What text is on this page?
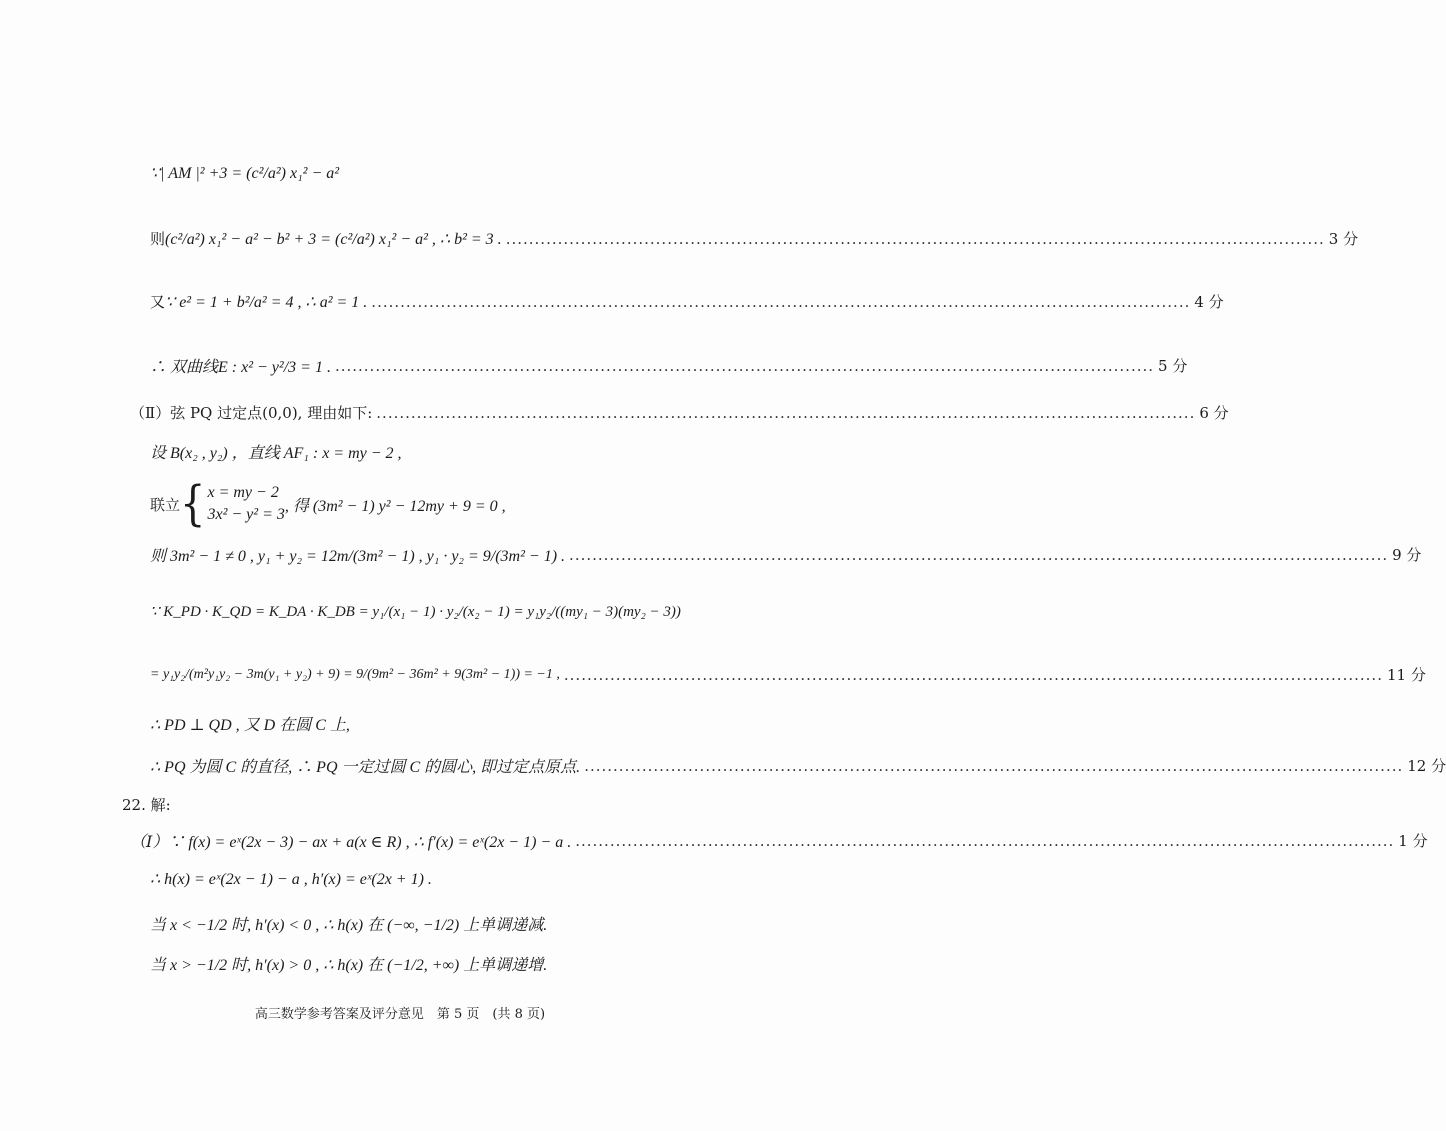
∵| AM |² +3 = (c²/a²) x₁² − a²
则 (c²/a²) x₁² − a² − b² + 3 = (c²/a²) x₁² − a² , ∴ b² = 3 . .............................................................................................................................................. 3 分
又 ∵ e² = 1 + b²/a² = 4 , ∴ a² = 1 . .............................................................................................................................................. 4 分
∴ 双曲线E : x² − y²/3 = 1 . .............................................................................................................................................. 5 分
（Ⅱ）弦 PQ 过定点(0,0), 理由如下: .............................................................................................................................................. 6 分
设 B(x₂ , y₂) ，直线 AF₁ : x = my − 2 ,
联立 { x = my − 2
3x² − y² = 3 , 得 (3m² − 1) y² − 12my + 9 = 0 ,
则 3m² − 1 ≠ 0 , y₁ + y₂ = 12m/(3m² − 1) , y₁ · y₂ = 9/(3m² − 1) . .............................................................................................................................................. 9 分
∵ K_PD · K_QD = K_DA · K_DB = y₁/(x₁ − 1) · y₂/(x₂ − 1) = y₁y₂/((my₁ − 3)(my₂ − 3))
= y₁y₂/(m²y₁y₂ − 3m(y₁ + y₂) + 9) = 9/(9m² − 36m² + 9(3m² − 1)) = −1 , .............................................................................................................................................. 11 分
∴ PD ⊥ QD , 又 D 在圆 C 上,
∴ PQ 为圆 C 的直径, ∴ PQ 一定过圆 C 的圆心, 即过定点原点. .............................................................................................................................................. 12 分
22. 解:
（Ⅰ）∵ f(x) = eˣ(2x − 3) − ax + a(x ∈ R) , ∴ f′(x) = eˣ(2x − 1) − a . .............................................................................................................................................. 1 分
∴ h(x) = eˣ(2x − 1) − a , h′(x) = eˣ(2x + 1) .
当 x < −1/2 时, h′(x) < 0 , ∴ h(x) 在 (−∞, −1/2) 上单调递减.
当 x > −1/2 时, h′(x) > 0 , ∴ h(x) 在 (−1/2, +∞) 上单调递增.
高三数学参考答案及评分意见　第 5 页　(共 8 页)
